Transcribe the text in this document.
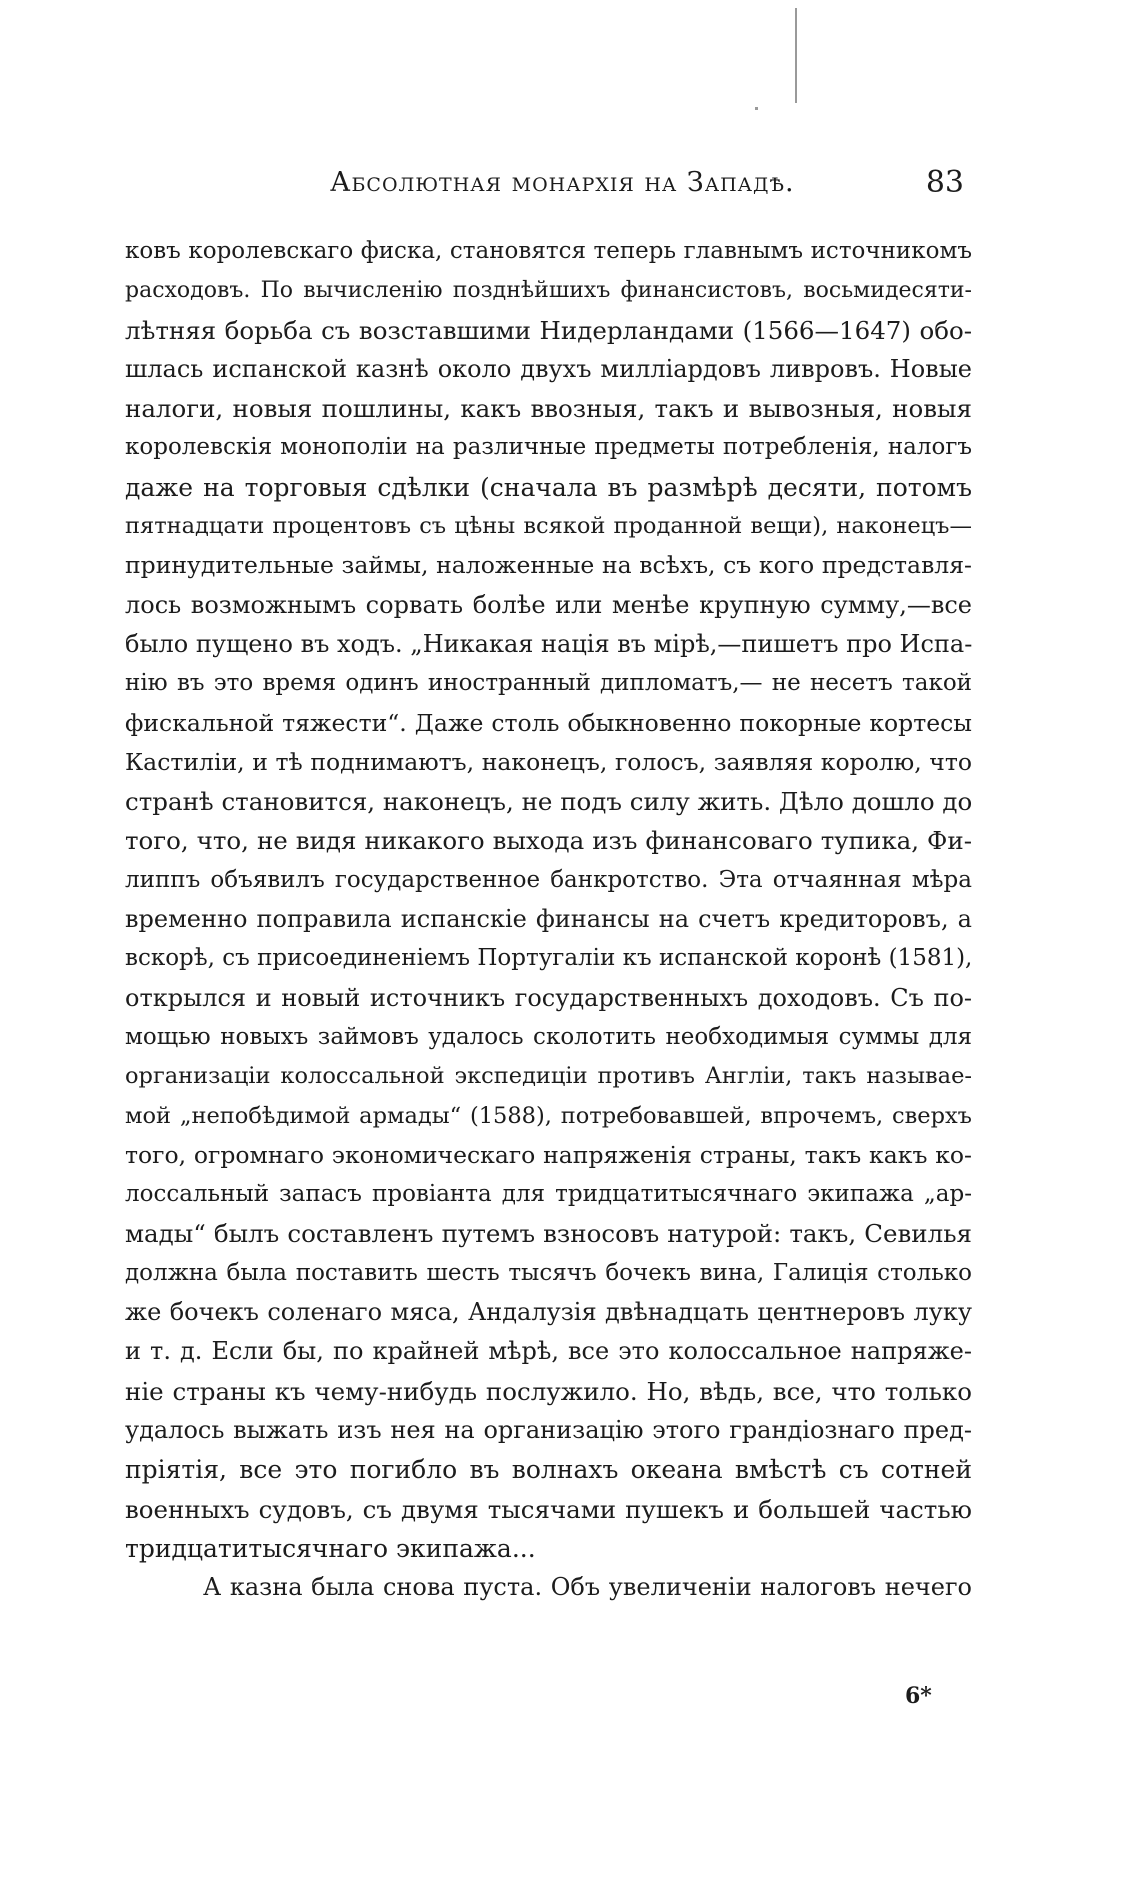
Абсолютная монархія на Западѣ.	83
ковъ королевскаго фиска, становятся теперь главнымъ источникомъ
расходовъ. По вычисленію позднѣйшихъ финансистовъ, восьмидесяти-
лѣтняя борьба съ возставшими Нидерландами (1566—1647) обо-
шлась испанской казнѣ около двухъ милліардовъ ливровъ. Новые
налоги, новыя пошлины, какъ ввозныя, такъ и вывозныя, новыя
королевскія монополіи на различные предметы потребленія, налогъ
даже на торговыя сдѣлки (сначала въ размѣрѣ десяти, потомъ
пятнадцати процентовъ съ цѣны всякой проданной вещи), наконецъ—
принудительные займы, наложенные на всѣхъ, съ кого представля-
лось возможнымъ сорвать болѣе или менѣе крупную сумму,—все
было пущено въ ходъ. „Никакая нація въ мірѣ,—пишетъ про Испа-
нію въ это время одинъ иностранный дипломатъ,— не несетъ такой
фискальной тяжести“. Даже столь обыкновенно покорные кортесы
Кастиліи, и тѣ поднимаютъ, наконецъ, голосъ, заявляя королю, что
странѣ становится, наконецъ, не подъ силу жить. Дѣло дошло до
того, что, не видя никакого выхода изъ финансоваго тупика, Фи-
липпъ объявилъ государственное банкротство. Эта отчаянная мѣра
временно поправила испанскіе финансы на счетъ кредиторовъ, а
вскорѣ, съ присоединеніемъ Португаліи къ испанской коронѣ (1581),
открылся и новый источникъ государственныхъ доходовъ. Съ по-
мощью новыхъ займовъ удалось сколотить необходимыя суммы для
организаціи колоссальной экспедиціи противъ Англіи, такъ называе-
мой „непобѣдимой армады“ (1588), потребовавшей, впрочемъ, сверхъ
того, огромнаго экономическаго напряженія страны, такъ какъ ко-
лоссальный запасъ провіанта для тридцатитысячнаго экипажа „ар-
мады“ былъ составленъ путемъ взносовъ натурой: такъ, Севилья
должна была поставить шесть тысячъ бочекъ вина, Галиція столько
же бочекъ соленаго мяса, Андалузія двѣнадцать центнеровъ луку
и т. д. Если бы, по крайней мѣрѣ, все это колоссальное напряже-
ніе страны къ чему-нибудь послужило. Но, вѣдь, все, что только
удалось выжать изъ нея на организацію этого грандіознаго пред-
пріятія, все это погибло въ волнахъ океана вмѣстѣ съ сотней
военныхъ судовъ, съ двумя тысячами пушекъ и большей частью
тридцатитысячнаго экипажа...
А казна была снова пуста. Объ увеличеніи налоговъ нечего
6*
